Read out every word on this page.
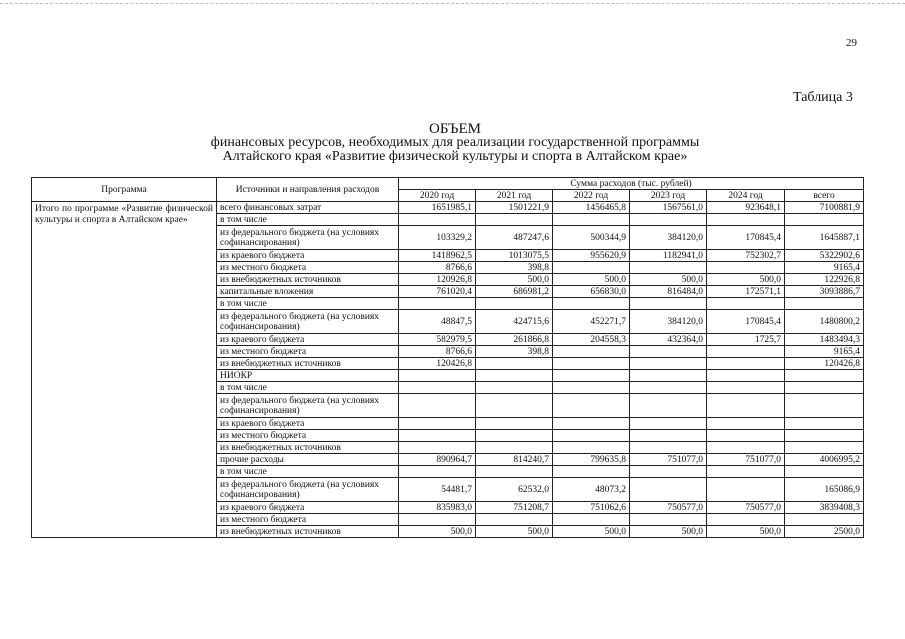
29
Таблица 3
ОБЪЕМ
финансовых ресурсов, необходимых для реализации государственной программы
Алтайского края «Развитие физической культуры и спорта в Алтайском крае»
Программа	Источники и направления расходов	Сумма расходов (тыс. рублей)					
		2020 год	2021 год	2022 год	2023 год	2024 год	всего
Итого по программе «Развитие физической культуры и спорта в Алтайском крае»	всего финансовых затрат	1651985,1	1501221,9	1456465,8	1567561,0	923648,1	7100881,9
	в том числе						
	из федерального бюджета (на условиях софинансирования)	103329,2	487247,6	500344,9	384120,0	170845,4	1645887,1
	из краевого бюджета	1418962,5	1013075,5	955620,9	1182941,0	752302,7	5322902,6
	из местного бюджета	8766,6	398,8				9165,4
	из внебюджетных источников	120926,8	500,0	500,0	500,0	500,0	122926,8
	капитальные вложения	761020,4	686981,2	656830,0	816484,0	172571,1	3093886,7
	в том числе						
	из федерального бюджета (на условиях софинансирования)	48847,5	424715,6	452271,7	384120,0	170845,4	1480800,2
	из краевого бюджета	582979,5	261866,8	204558,3	432364,0	1725,7	1483494,3
	из местного бюджета	8766,6	398,8				9165,4
	из внебюджетных источников	120426,8					120426,8
	НИОКР						
	в том числе						
	из федерального бюджета (на условиях софинансирования)						
	из краевого бюджета						
	из местного бюджета						
	из внебюджетных источников						
	прочие расходы	890964,7	814240,7	799635,8	751077,0	751077,0	4006995,2
	в том числе						
	из федерального бюджета (на условиях софинансирования)	54481,7	62532,0	48073,2			165086,9
	из краевого бюджета	835983,0	751208,7	751062,6	750577,0	750577,0	3839408,3
	из местного бюджета						
	из внебюджетных источников	500,0	500,0	500,0	500,0	500,0	2500,0
